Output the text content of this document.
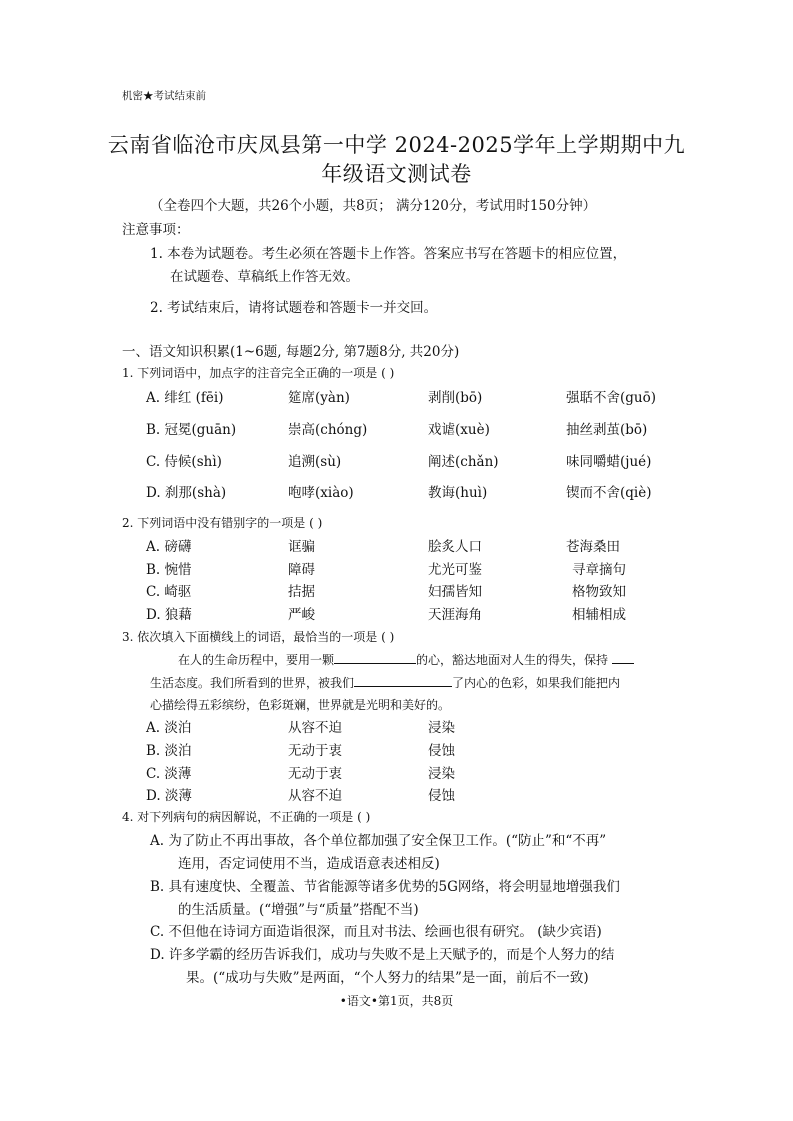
机密★考试结束前
云南省临沧市庆凤县第一中学 2024-2025学年上学期期中九
年级语文测试卷
（全卷四个大题，共26个小题，共8页； 满分120分，考试用时150分钟）
注意事项：
1. 本卷为试题卷。考生必须在答题卡上作答。答案应书写在答题卡的相应位置，
在试题卷、草稿纸上作答无效。
2. 考试结束后，请将试题卷和答题卡一并交回。
一、语文知识积累(1~6题, 每题2分, 第7题8分, 共20分)
1. 下列词语中，加点字的注音完全正确的一项是 ( )
A. 绯红 (fēi)	筵席(yàn)	剥削(bō)	强聒不舍(guō)
B. 冠冕(guān)	崇高(chóng)	戏谑(xuè)	抽丝剥茧(bō)
C. 侍候(shì)	追溯(sù)	阐述(chǎn)	味同嚼蜡(jué)
D. 刹那(shà)	咆哮(xiào)	教诲(huì)	锲而不舍(qiè)
2. 下列词语中没有错别字的一项是 ( )
A. 磅礴	诓骗	脍炙人口	苍海桑田
B. 惋惜	障碍	尤光可鉴	寻章摘句
C. 崎驱	拮据	妇孺皆知	格物致知
D. 狼藉	严峻	天涯海角	相辅相成
3. 依次填入下面横线上的词语，最恰当的一项是 ( )
在人的生命历程中，要用一颗	的心，豁达地面对人生的得失，保持
生活态度。我们所看到的世界，被我们	了内心的色彩，如果我们能把内
心描绘得五彩缤纷，色彩斑斓，世界就是光明和美好的。
A. 淡泊	从容不迫	浸染
B. 淡泊	无动于衷	侵蚀
C. 淡薄	无动于衷	浸染
D. 淡薄	从容不迫	侵蚀
4. 对下列病句的病因解说，不正确的一项是 ( )
A. 为了防止不再出事故，各个单位都加强了安全保卫工作。(“防止”和“不再”
连用，否定词使用不当，造成语意表述相反)
B. 具有速度快、全覆盖、节省能源等诸多优势的5G网络，将会明显地增强我们
的生活质量。(“增强”与“质量”搭配不当)
C. 不但他在诗词方面造诣很深，而且对书法、绘画也很有研究。 (缺少宾语)
D. 许多学霸的经历告诉我们，成功与失败不是上天赋予的，而是个人努力的结
果。(“成功与失败”是两面，“个人努力的结果”是一面，前后不一致)
•语文•第1页，共8页
